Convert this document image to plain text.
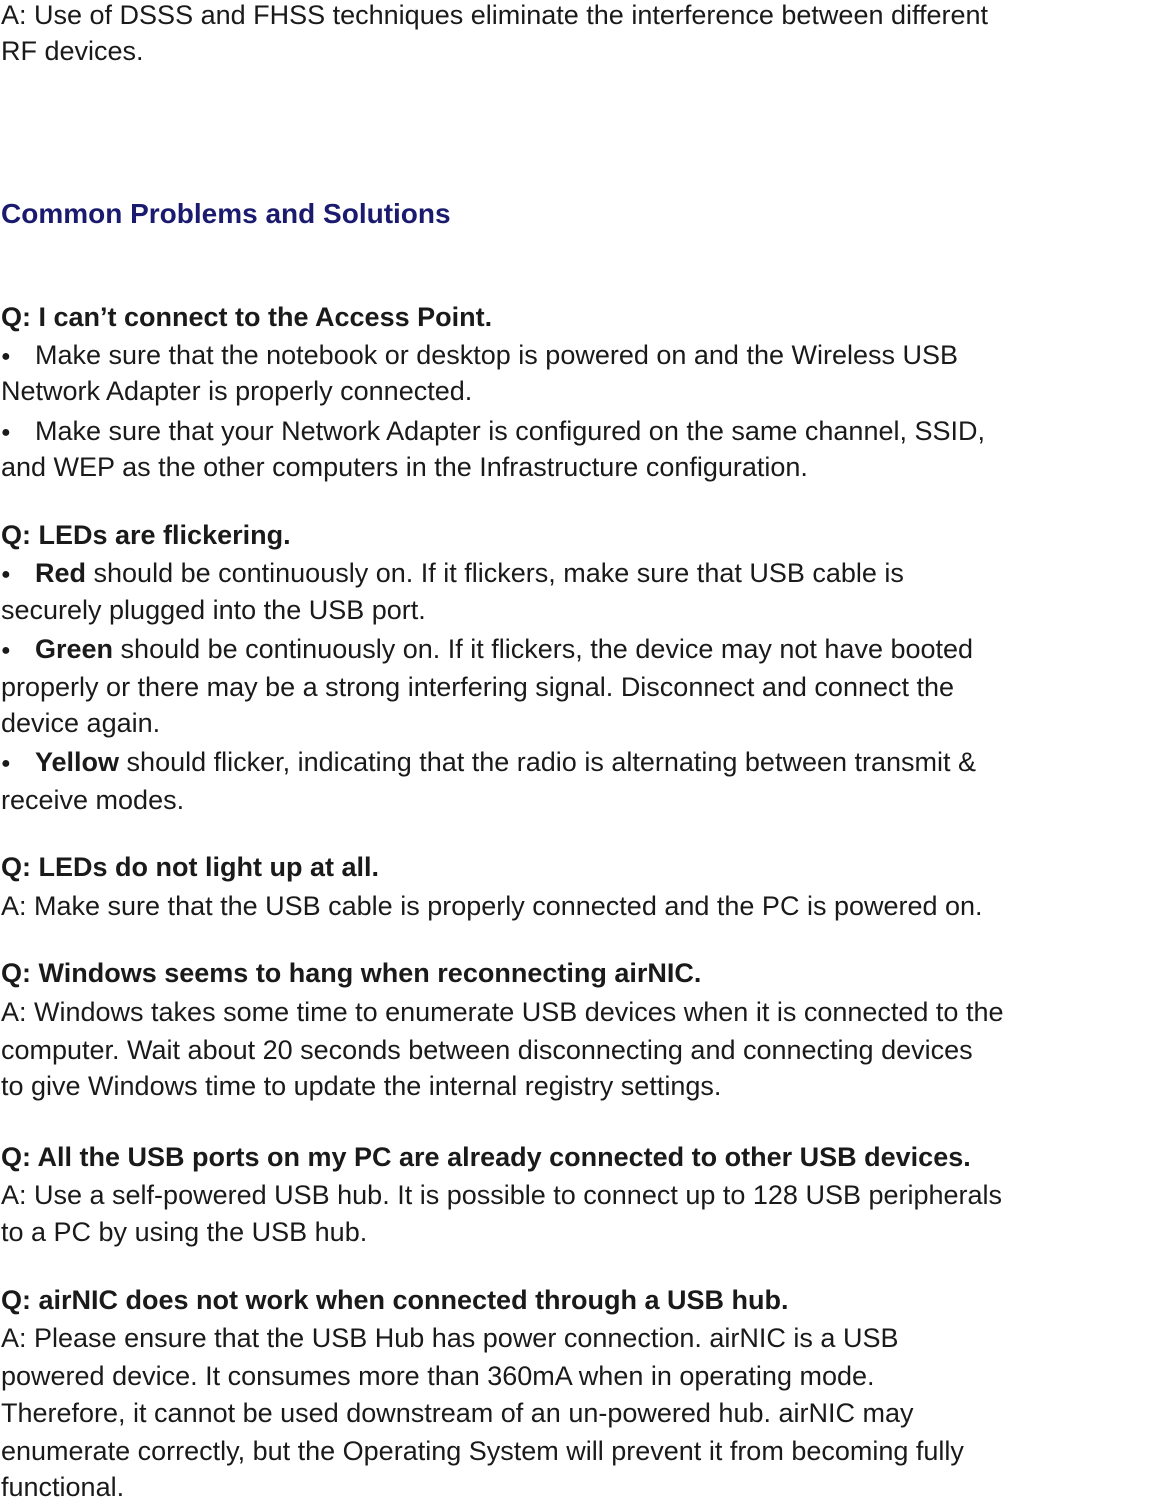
A: Use of DSSS and FHSS techniques eliminate the interference between different
RF devices.
Common Problems and Solutions
Q: I can’t connect to the Access Point.
● Make sure that the notebook or desktop is powered on and the Wireless USB
Network Adapter is properly connected.
● Make sure that your Network Adapter is configured on the same channel, SSID,
and WEP as the other computers in the Infrastructure configuration.
Q: LEDs are flickering.
● Red should be continuously on. If it flickers, make sure that USB cable is
securely plugged into the USB port.
● Green should be continuously on. If it flickers, the device may not have booted
properly or there may be a strong interfering signal. Disconnect and connect the
device again.
● Yellow should flicker, indicating that the radio is alternating between transmit &
receive modes.
Q: LEDs do not light up at all.
A: Make sure that the USB cable is properly connected and the PC is powered on.
Q: Windows seems to hang when reconnecting airNIC.
A: Windows takes some time to enumerate USB devices when it is connected to the
computer. Wait about 20 seconds between disconnecting and connecting devices
to give Windows time to update the internal registry settings.
Q: All the USB ports on my PC are already connected to other USB devices.
A: Use a self-powered USB hub. It is possible to connect up to 128 USB peripherals
to a PC by using the USB hub.
Q: airNIC does not work when connected through a USB hub.
A: Please ensure that the USB Hub has power connection. airNIC is a USB
powered device. It consumes more than 360mA when in operating mode.
Therefore, it cannot be used downstream of an un-powered hub. airNIC may
enumerate correctly, but the Operating System will prevent it from becoming fully
functional.
